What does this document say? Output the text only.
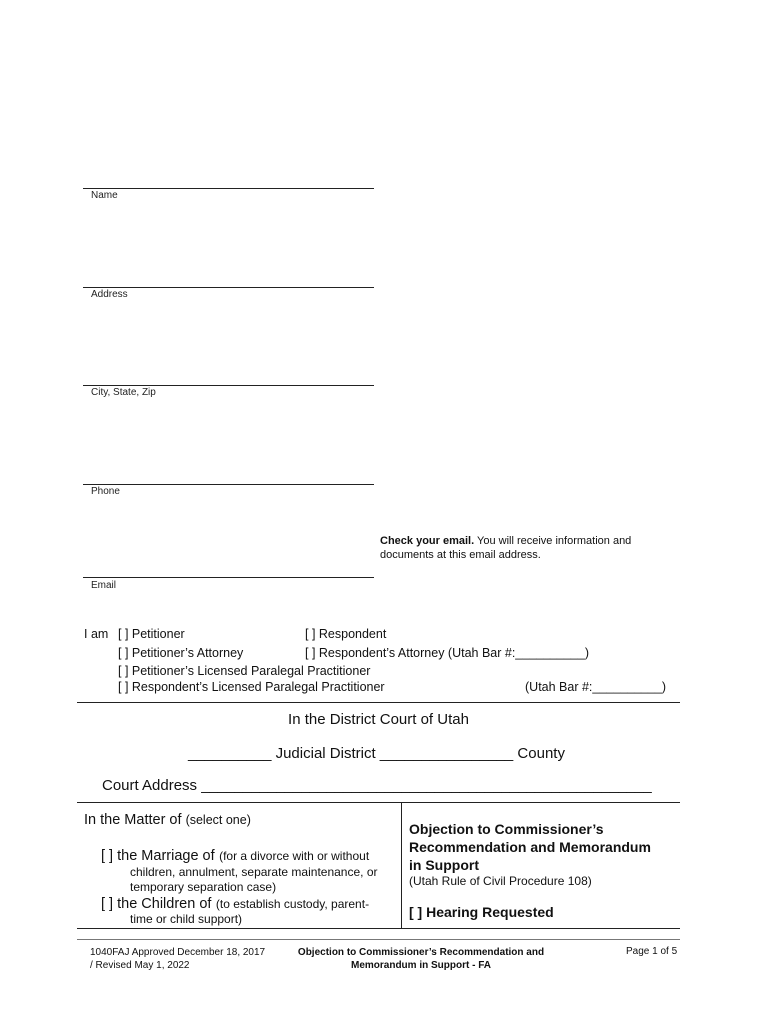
Name
Address
City, State, Zip
Phone
Email
Check your email. You will receive information and
documents at this email address.
I am [ ] Petitioner	[ ] Respondent
[ ] Petitioner’s Attorney	[ ] Respondent’s Attorney (Utah Bar #:__________)
[ ] Petitioner’s Licensed Paralegal Practitioner
[ ] Respondent’s Licensed Paralegal Practitioner	(Utah Bar #:__________)
In the District Court of Utah
__________ Judicial District ________________ County
Court Address ______________________________________________________
In the Matter of (select one)
[ ] the Marriage of (for a divorce with or without
children, annulment, separate maintenance, or
temporary separation case)
[ ] the Children of (to establish custody, parent-
time or child support)
Objection to Commissioner’s
Recommendation and Memorandum
in Support
(Utah Rule of Civil Procedure 108)
[ ] Hearing Requested
1040FAJ Approved December 18, 2017
/ Revised May 1, 2022
Objection to Commissioner’s Recommendation and
Memorandum in Support - FA
Page 1 of 5
